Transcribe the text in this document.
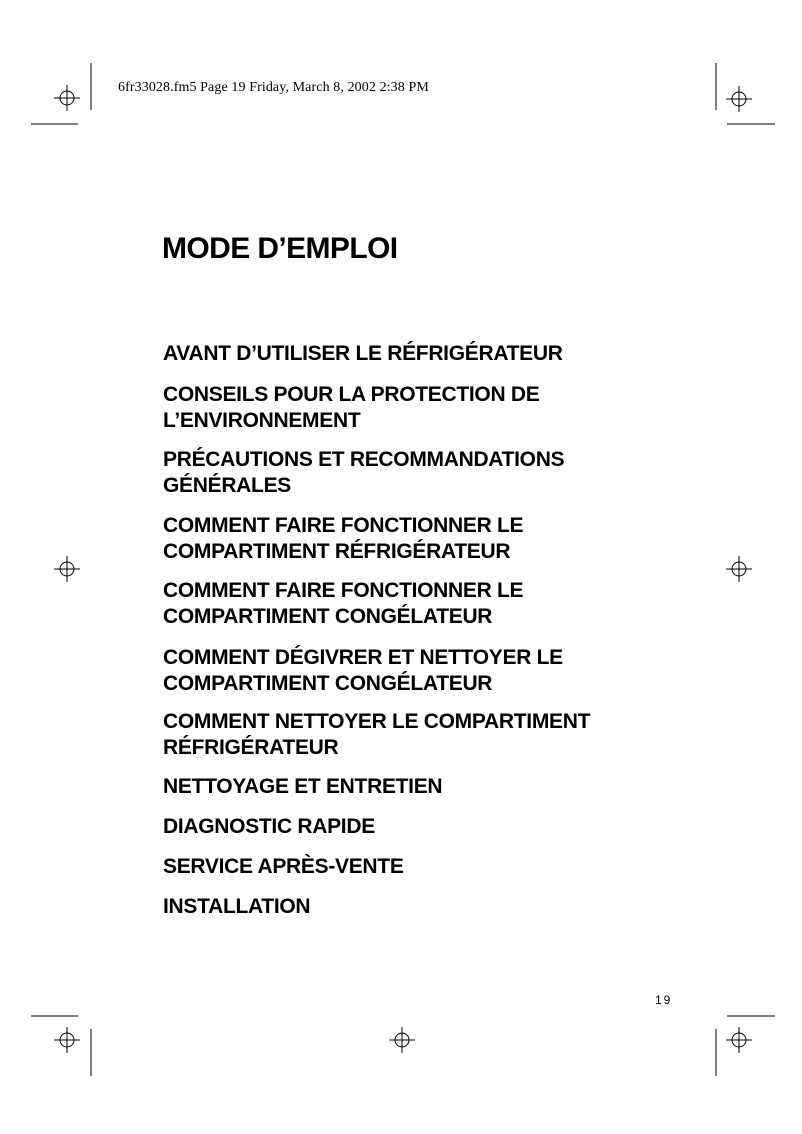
6fr33028.fm5 Page 19 Friday, March 8, 2002 2:38 PM
MODE D’EMPLOI
AVANT D’UTILISER LE RÉFRIGÉRATEUR
CONSEILS POUR LA PROTECTION DE
L’ENVIRONNEMENT
PRÉCAUTIONS ET RECOMMANDATIONS
GÉNÉRALES
COMMENT FAIRE FONCTIONNER LE
COMPARTIMENT RÉFRIGÉRATEUR
COMMENT FAIRE FONCTIONNER LE
COMPARTIMENT CONGÉLATEUR
COMMENT DÉGIVRER ET NETTOYER LE
COMPARTIMENT CONGÉLATEUR
COMMENT NETTOYER LE COMPARTIMENT
RÉFRIGÉRATEUR
NETTOYAGE ET ENTRETIEN
DIAGNOSTIC RAPIDE
SERVICE APRÈS-VENTE
INSTALLATION
19
